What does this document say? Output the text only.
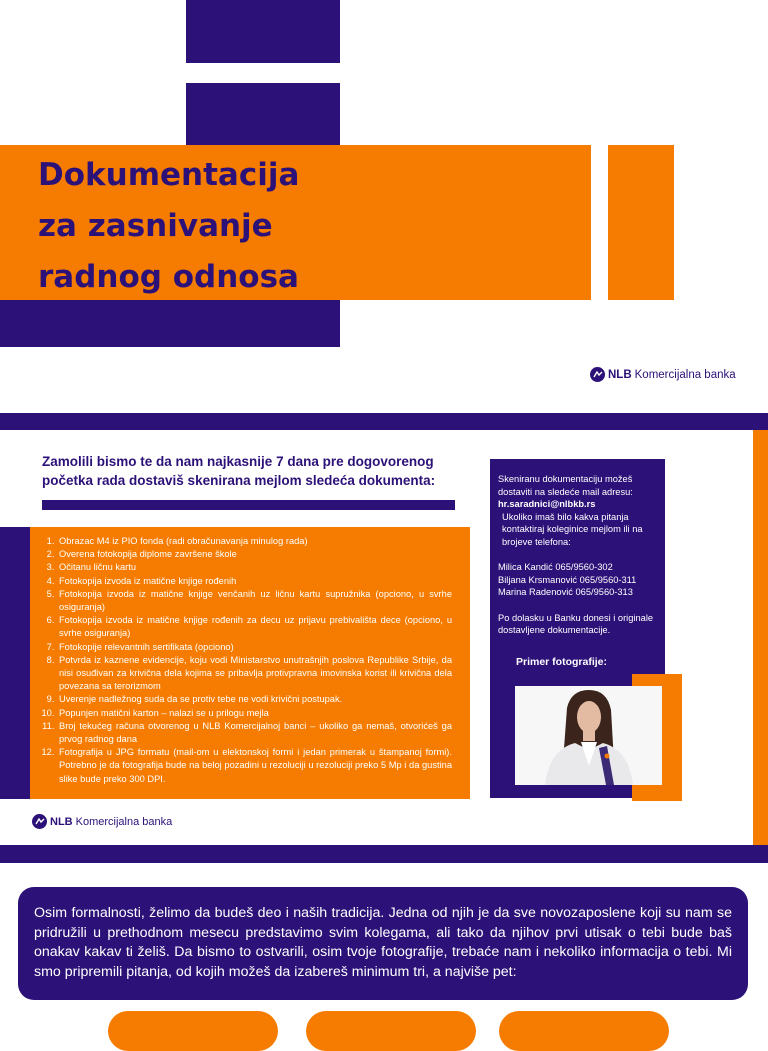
Dokumentacija
za zasnivanje
radnog odnosa
NLB Komercijalna banka

Zamolili bismo te da nam najkasnije 7 dana pre dogovorenog početka rada dostaviš skenirana mejlom sledeća dokumenta:

1. Obrazac M4 iz PIO fonda (radi obračunavanja minulog rada)
2. Overena fotokopija diplome završene škole
3. Očitanu ličnu kartu
4. Fotokopija izvoda iz matične knjige rođenih
5. Fotokopija izvoda iz matične knjige venčanih uz ličnu kartu supružnika (opciono, u svrhe osiguranja)
6. Fotokopija izvoda iz matične knjige rođenih za decu uz prijavu prebivališta dece (opciono, u svrhe osiguranja)
7. Fotokopije relevantnih sertifikata (opciono)
8. Potvrda iz kaznene evidencije, koju vodi Ministarstvo unutrašnjih poslova Republike Srbije, da nisi osuđivan za krivična dela kojima se pribavlja protivpravna imovinska korist ili krivična dela povezana sa terorizmom
9. Uverenje nadležnog suda da se protiv tebe ne vodi krivični postupak.
10. Popunjen matični karton – nalazi se u prilogu mejla
11. Broj tekućeg računa otvorenog u NLB Komercijalnoj banci – ukoliko ga nemaš, otvorićeš ga prvog radnog dana
12. Fotografija u JPG formatu (mail-om u elektonskoj formi i jedan primerak u štampanoj formi). Potrebno je da fotografija bude na beloj pozadini u rezoluciji u rezoluciji preko 5 Mp i da gustina slike bude preko 300 DPI.

Skeniranu dokumentaciju možeš dostaviti na sledeće mail adresu:

hr.saradnici@nlbkb.rs

Ukoliko imaš bilo kakva pitanja kontaktiraj koleginice mejlom ili na brojeve telefona:

Milica Kandić 065/9560-302

Biljana Krsmanović 065/9560-311

Marina Radenović 065/9560-313

Po dolasku u Banku donesi i originale dostavljene dokumentacije.

Primer fotografije:

NLB Komercijalna banka

Osim formalnosti, želimo da budeš deo i naših tradicija. Jedna od njih je da sve novozaposlene koji su nam se pridružili u prethodnom mesecu predstavimo svim kolegama, ali tako da njihov prvi utisak o tebi bude baš onakav kakav ti želiš. Da bismo to ostvarili, osim tvoje fotografije, trebaće nam i nekoliko informacija o tebi. Mi smo pripremili pitanja, od kojih možeš da izabereš minimum tri, a najviše pet:
